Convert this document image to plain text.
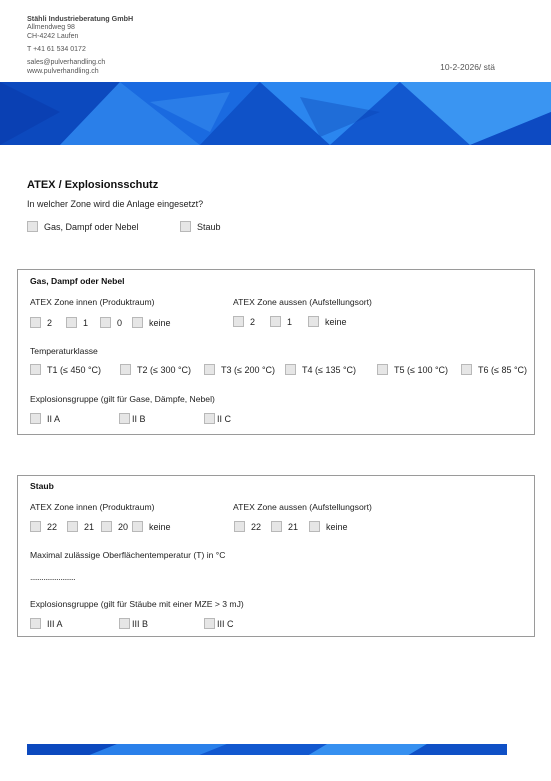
Stähli Industrieberatung GmbH
Allmendweg 98
CH-4242 Laufen
T +41 61 534 0172
sales@pulverhandling.ch
www.pulverhandling.ch	10-2-2026/ stä
ATEX / Explosionsschutz
In welcher Zone wird die Anlage eingesetzt?
Gas, Dampf oder Nebel	Staub
Gas, Dampf oder Nebel
ATEX Zone innen (Produktraum)	ATEX Zone aussen (Aufstellungsort)
2	1	0	keine	2	1	keine
Temperaturklasse
T1 (≤ 450 °C)	T2 (≤ 300 °C)	T3 (≤ 200 °C)	T4 (≤ 135 °C)	T5 (≤ 100 °C)	T6 (≤ 85 °C)
Explosionsgruppe (gilt für Gase, Dämpfe, Nebel)
II A	II B	II C
Staub
ATEX Zone innen (Produktraum)	ATEX Zone aussen (Aufstellungsort)
22	21	20 keine	22	21	keine
Maximal zulässige Oberflächentemperatur (T) in °C
........................
Explosionsgruppe (gilt für Stäube mit einer MZE > 3 mJ)
III A	III B	III C
